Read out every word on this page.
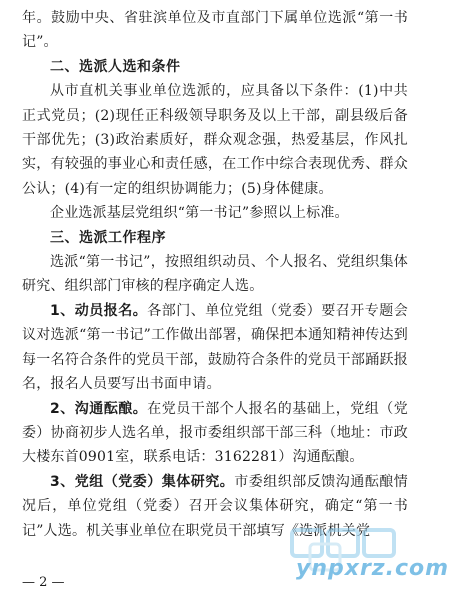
年。鼓励中央、省驻滨单位及市直部门下属单位选派“第一书记”。

二、选派人选和条件

从市直机关事业单位选派的，应具备以下条件：(1)中共正式党员；(2)现任正科级领导职务及以上干部，副县级后备干部优先；(3)政治素质好，群众观念强，热爱基层，作风扎实，有较强的事业心和责任感，在工作中综合表现优秀、群众公认；(4)有一定的组织协调能力；(5)身体健康。

企业选派基层党组织“第一书记”参照以上标准。

三、选派工作程序

选派“第一书记”，按照组织动员、个人报名、党组织集体研究、组织部门审核的程序确定人选。

1、动员报名。各部门、单位党组（党委）要召开专题会议对选派“第一书记”工作做出部署，确保把本通知精神传达到每一名符合条件的党员干部，鼓励符合条件的党员干部踊跃报名，报名人员要写出书面申请。

2、沟通酝酿。在党员干部个人报名的基础上，党组（党委）协商初步人选名单，报市委组织部干部三科（地址：市政大楼东首0901室，联系电话：3162281）沟通酝酿。

3、党组（党委）集体研究。市委组织部反馈沟通酝酿情况后，单位党组（党委）召开会议集体研究，确定“第一书记”人选。机关事业单位在职党员干部填写《选派机关党

ynpxrz.com
— 2 —
